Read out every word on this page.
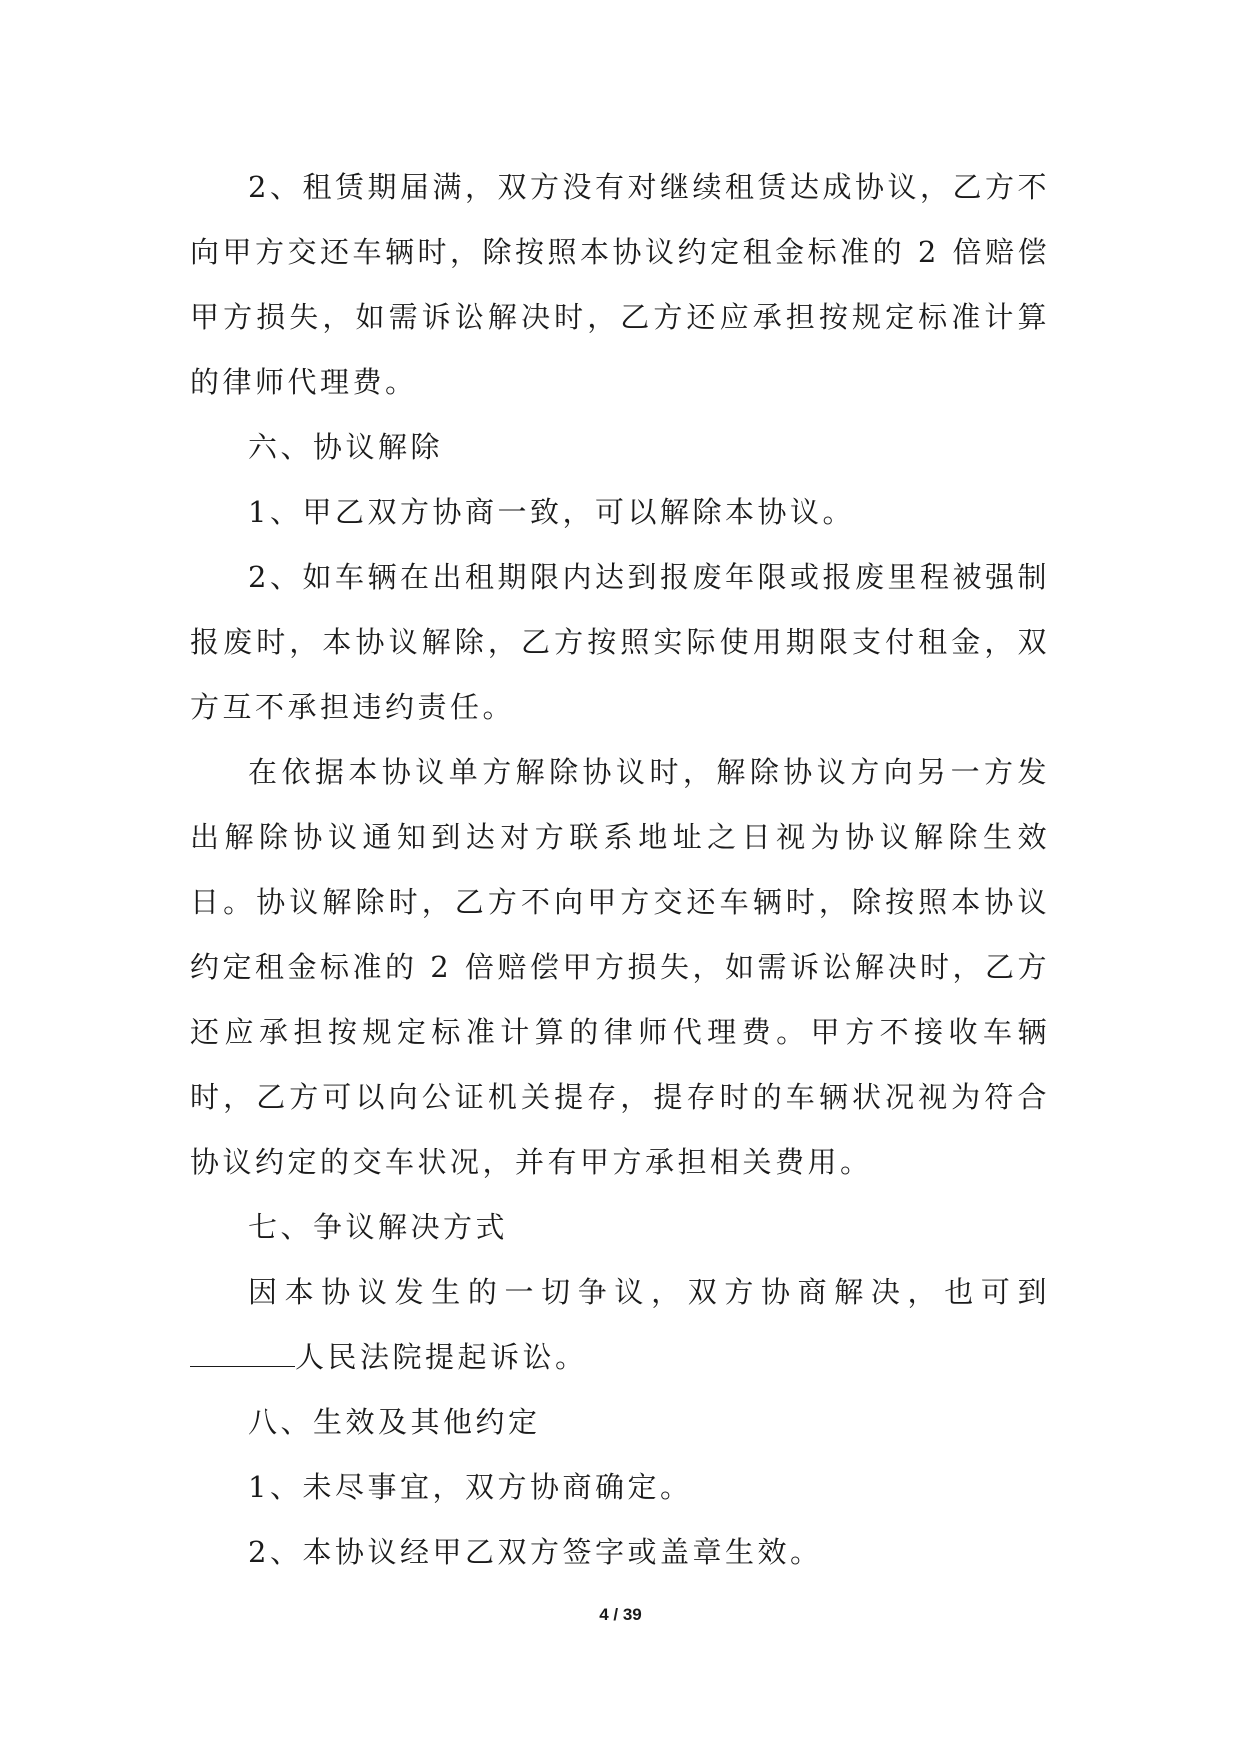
2、租赁期届满，双方没有对继续租赁达成协议，乙方不向甲方交还车辆时，除按照本协议约定租金标准的 2 倍赔偿甲方损失，如需诉讼解决时，乙方还应承担按规定标准计算的律师代理费。

六、协议解除

1、甲乙双方协商一致，可以解除本协议。

2、如车辆在出租期限内达到报废年限或报废里程被强制报废时，本协议解除，乙方按照实际使用期限支付租金，双方互不承担违约责任。

在依据本协议单方解除协议时，解除协议方向另一方发出解除协议通知到达对方联系地址之日视为协议解除生效日。协议解除时，乙方不向甲方交还车辆时，除按照本协议约定租金标准的 2 倍赔偿甲方损失，如需诉讼解决时，乙方还应承担按规定标准计算的律师代理费。甲方不接收车辆时，乙方可以向公证机关提存，提存时的车辆状况视为符合协议约定的交车状况，并有甲方承担相关费用。

七、争议解决方式

因本协议发生的一切争议，双方协商解决，也可到人民法院提起诉讼。

八、生效及其他约定

1、未尽事宜，双方协商确定。

2、本协议经甲乙双方签字或盖章生效。

4 / 39
